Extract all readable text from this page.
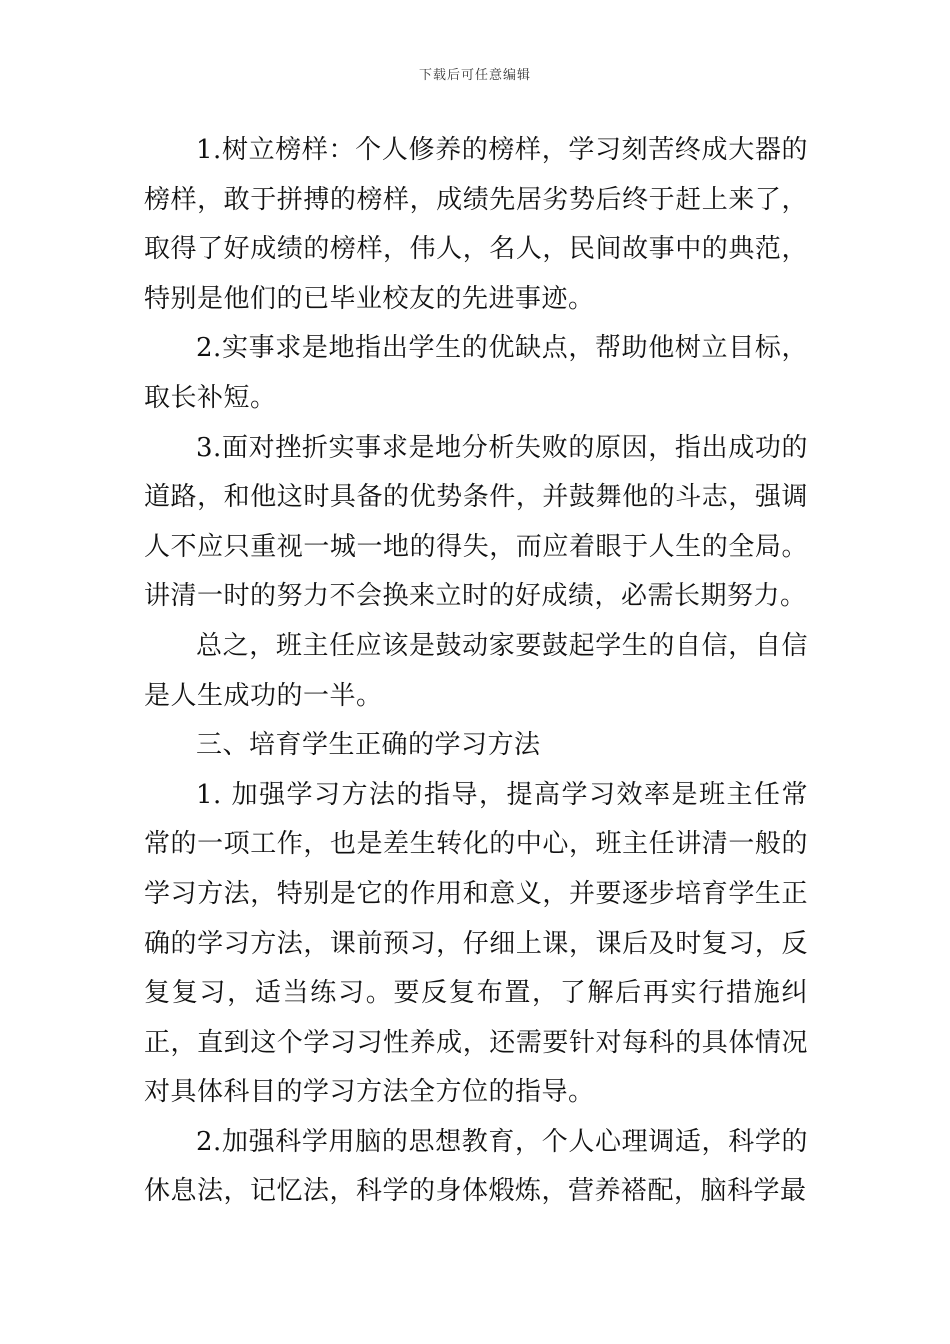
下载后可任意编辑

1.树立榜样：个人修养的榜样，学习刻苦终成大器的榜样，敢于拼搏的榜样，成绩先居劣势后终于赶上来了，取得了好成绩的榜样，伟人，名人，民间故事中的典范，特别是他们的已毕业校友的先进事迹。

2.实事求是地指出学生的优缺点，帮助他树立目标，取长补短。

3.面对挫折实事求是地分析失败的原因，指出成功的道路，和他这时具备的优势条件，并鼓舞他的斗志，强调人不应只重视一城一地的得失，而应着眼于人生的全局。讲清一时的努力不会换来立时的好成绩，必需长期努力。

总之，班主任应该是鼓动家要鼓起学生的自信，自信是人生成功的一半。

三、培育学生正确的学习方法

1. 加强学习方法的指导，提高学习效率是班主任常常的一项工作，也是差生转化的中心，班主任讲清一般的学习方法，特别是它的作用和意义，并要逐步培育学生正确的学习方法，课前预习，仔细上课，课后及时复习，反复复习，适当练习。要反复布置，了解后再实行措施纠正，直到这个学习习性养成，还需要针对每科的具体情况对具体科目的学习方法全方位的指导。

2.加强科学用脑的思想教育，个人心理调适，科学的休息法，记忆法，科学的身体煅炼，营养褡配，脑科学最
